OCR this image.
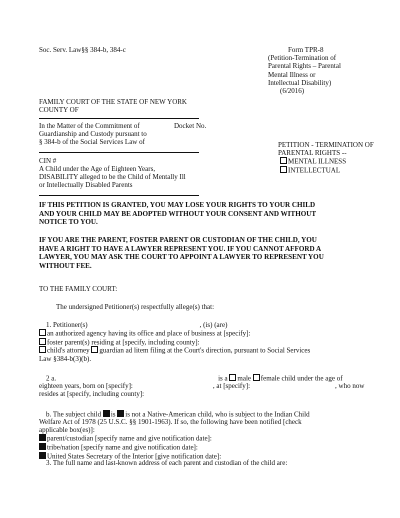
Soc. Serv. Law§§ 384-b, 384-c	Form TPR-8
(Petition-Termination of
Parental Rights – Parental
Mental Illness or
Intellectual Disability)
(6/2016)
FAMILY COURT OF THE STATE OF NEW YORK
COUNTY OF
In the Matter of the Commitment of
Guardianship and Custody pursuant to
§ 384-b of the Social Services Law of
Docket No.
CIN #
A Child under the Age of Eighteen Years,
DISABILITY alleged to be the Child of Mentally Ill
or Intellectually Disabled Parents
PETITION - TERMINATION OF
PARENTAL RIGHTS --
MENTAL ILLNESS
INTELLECTUAL
IF THIS PETITION IS GRANTED, YOU MAY LOSE YOUR RIGHTS TO YOUR CHILD
AND YOUR CHILD MAY BE ADOPTED WITHOUT YOUR CONSENT AND WITHOUT
NOTICE TO YOU.
IF YOU ARE THE PARENT, FOSTER PARENT OR CUSTODIAN OF THE CHILD, YOU
HAVE A RIGHT TO HAVE A LAWYER REPRESENT YOU. IF YOU CANNOT AFFORD A
LAWYER, YOU MAY ASK THE COURT TO APPOINT A LAWYER TO REPRESENT YOU
WITHOUT FEE.
TO THE FAMILY COURT:
The undersigned Petitioner(s) respectfully allege(s) that:
1. Petitioner(s)	, (is) (are)
an authorized agency having its office and place of business at [specify]:
foster parent(s) residing at [specify, including county]:
child's attorney guardian ad litem filing at the Court's direction, pursuant to Social Services
Law §384-b(3)(b).
2 a.	is a male female child under the age of
eighteen years, born on [specify]:	, at [specify]:	, who now
resides at [specify, including county]:
b. The subject child is is not a Native-American child, who is subject to the Indian Child
Welfare Act of 1978 (25 U.S.C. §§ 1901-1963). If so, the following have been notified [check
applicable box(es)]:
parent/custodian [specify name and give notification date]:
tribe/nation [specify name and give notification date]:
United States Secretary of the Interior [give notification date]:
3. The full name and last-known address of each parent and custodian of the child are:
